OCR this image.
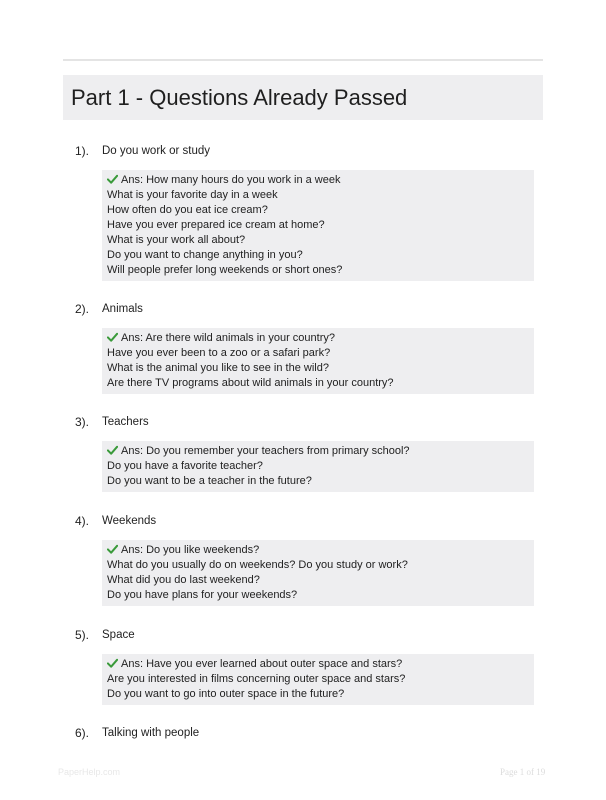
Part 1 - Questions Already Passed
1). Do you work or study
Ans: How many hours do you work in a week
What is your favorite day in a week
How often do you eat ice cream?
Have you ever prepared ice cream at home?
What is your work all about?
Do you want to change anything in you?
Will people prefer long weekends or short ones?
2). Animals
Ans: Are there wild animals in your country?
Have you ever been to a zoo or a safari park?
What is the animal you like to see in the wild?
Are there TV programs about wild animals in your country?
3). Teachers
Ans: Do you remember your teachers from primary school?
Do you have a favorite teacher?
Do you want to be a teacher in the future?
4). Weekends
Ans: Do you like weekends?
What do you usually do on weekends? Do you study or work?
What did you do last weekend?
Do you have plans for your weekends?
5). Space
Ans: Have you ever learned about outer space and stars?
Are you interested in films concerning outer space and stars?
Do you want to go into outer space in the future?
6). Talking with people
PaperHelp.com	Page 1 of 19
